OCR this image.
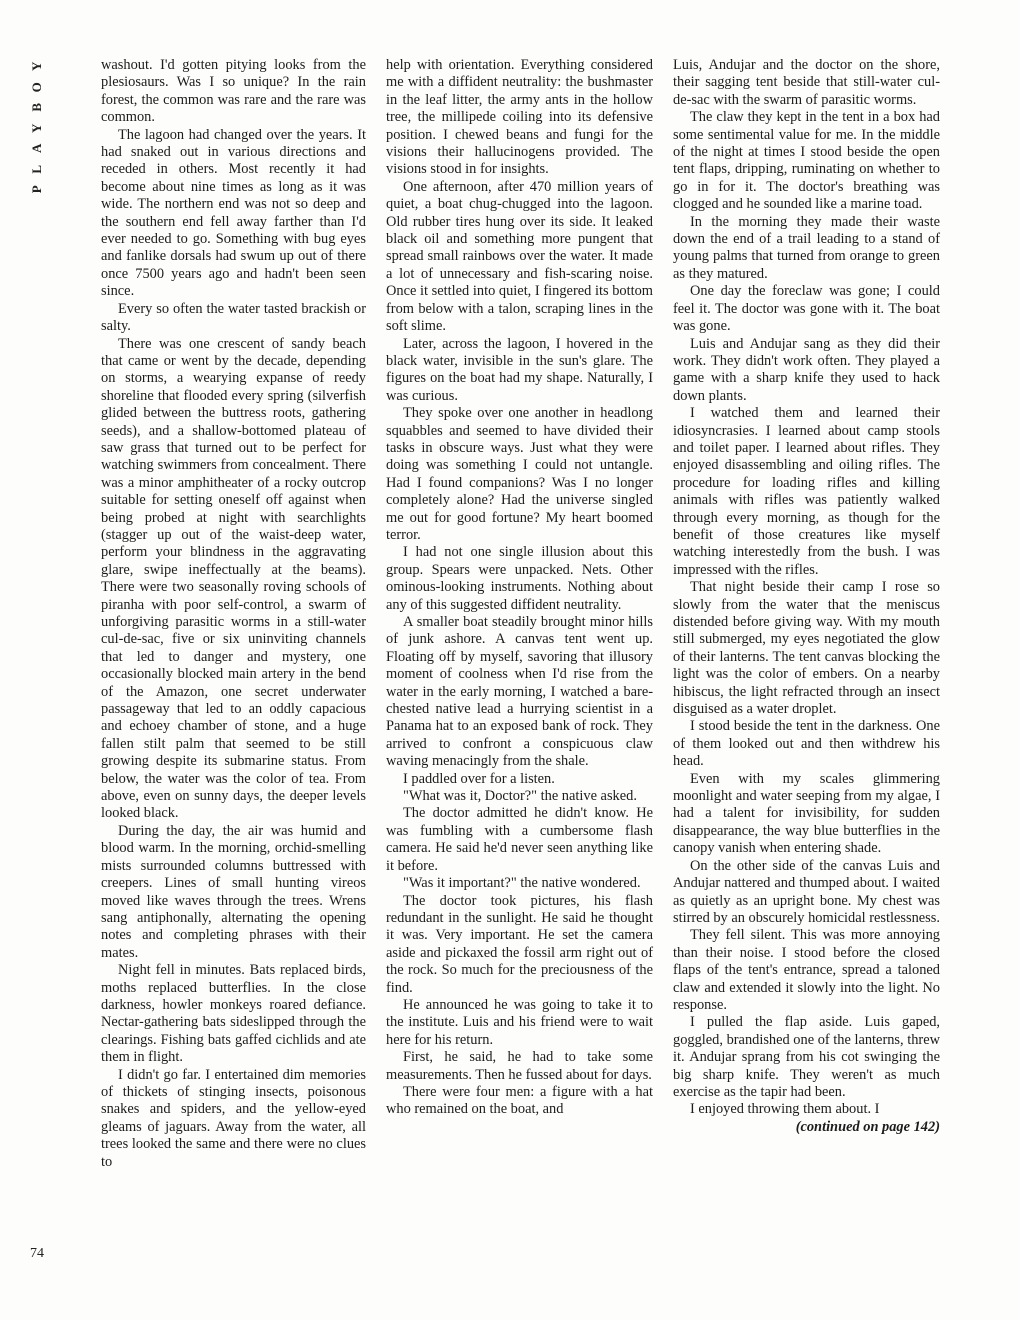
Y
O
B
Y
A
L
P
74

washout. I'd gotten pitying looks from the plesiosaurs. Was I so unique? In the rain forest, the common was rare and the rare was common.

The lagoon had changed over the years. It had snaked out in various directions and receded in others. Most recently it had become about nine times as long as it was wide. The northern end was not so deep and the southern end fell away farther than I'd ever needed to go. Something with bug eyes and fanlike dorsals had swum up out of there once 7500 years ago and hadn't been seen since.

Every so often the water tasted brackish or salty.

There was one crescent of sandy beach that came or went by the decade, depending on storms, a wearying expanse of reedy shoreline that flooded every spring (silverfish glided between the buttress roots, gathering seeds), and a shallow-bottomed plateau of saw grass that turned out to be perfect for watching swimmers from concealment. There was a minor amphitheater of a rocky outcrop suitable for setting oneself off against when being probed at night with searchlights (stagger up out of the waist-deep water, perform your blindness in the aggravating glare, swipe ineffectually at the beams). There were two seasonally roving schools of piranha with poor self-control, a swarm of unforgiving parasitic worms in a still-water cul-de-sac, five or six uninviting channels that led to danger and mystery, one occasionally blocked main artery in the bend of the Amazon, one secret underwater passageway that led to an oddly capacious and echoey chamber of stone, and a huge fallen stilt palm that seemed to be still growing despite its submarine status. From below, the water was the color of tea. From above, even on sunny days, the deeper levels looked black.

During the day, the air was humid and blood warm. In the morning, orchid-smelling mists surrounded columns buttressed with creepers. Lines of small hunting vireos moved like waves through the trees. Wrens sang antiphonally, alternating the opening notes and completing phrases with their mates.

Night fell in minutes. Bats replaced birds, moths replaced butterflies. In the close darkness, howler monkeys roared defiance. Nectar-gathering bats sideslipped through the clearings. Fishing bats gaffed cichlids and ate them in flight.

I didn't go far. I entertained dim memories of thickets of stinging insects, poisonous snakes and spiders, and the yellow-eyed gleams of jaguars. Away from the water, all trees looked the same and there were no clues to

help with orientation. Everything considered me with a diffident neutrality: the bushmaster in the leaf litter, the army ants in the hollow tree, the millipede coiling into its defensive position. I chewed beans and fungi for the visions their hallucinogens provided. The visions stood in for insights.

One afternoon, after 470 million years of quiet, a boat chug-chugged into the lagoon. Old rubber tires hung over its side. It leaked black oil and something more pungent that spread small rainbows over the water. It made a lot of unnecessary and fish-scaring noise. Once it settled into quiet, I fingered its bottom from below with a talon, scraping lines in the soft slime.

Later, across the lagoon, I hovered in the black water, invisible in the sun's glare. The figures on the boat had my shape. Naturally, I was curious.

They spoke over one another in headlong squabbles and seemed to have divided their tasks in obscure ways. Just what they were doing was something I could not untangle. Had I found companions? Was I no longer completely alone? Had the universe singled me out for good fortune? My heart boomed terror.

I had not one single illusion about this group. Spears were unpacked. Nets. Other ominous-looking instruments. Nothing about any of this suggested diffident neutrality.

A smaller boat steadily brought minor hills of junk ashore. A canvas tent went up. Floating off by myself, savoring that illusory moment of coolness when I'd rise from the water in the early morning, I watched a bare-chested native lead a hurrying scientist in a Panama hat to an exposed bank of rock. They arrived to confront a conspicuous claw waving menacingly from the shale.

I paddled over for a listen.

"What was it, Doctor?" the native asked.

The doctor admitted he didn't know. He was fumbling with a cumbersome flash camera. He said he'd never seen anything like it before.

"Was it important?" the native wondered.

The doctor took pictures, his flash redundant in the sunlight. He said he thought it was. Very important. He set the camera aside and pickaxed the fossil arm right out of the rock. So much for the preciousness of the find.

He announced he was going to take it to the institute. Luis and his friend were to wait here for his return.

First, he said, he had to take some measurements. Then he fussed about for days.

There were four men: a figure with a hat who remained on the boat, and

Luis, Andujar and the doctor on the shore, their sagging tent beside that still-water cul-de-sac with the swarm of parasitic worms.

The claw they kept in the tent in a box had some sentimental value for me. In the middle of the night at times I stood beside the open tent flaps, dripping, ruminating on whether to go in for it. The doctor's breathing was clogged and he sounded like a marine toad.

In the morning they made their waste down the end of a trail leading to a stand of young palms that turned from orange to green as they matured.

One day the foreclaw was gone; I could feel it. The doctor was gone with it. The boat was gone.

Luis and Andujar sang as they did their work. They didn't work often. They played a game with a sharp knife they used to hack down plants.

I watched them and learned their idiosyncrasies. I learned about camp stools and toilet paper. I learned about rifles. They enjoyed disassembling and oiling rifles. The procedure for loading rifles and killing animals with rifles was patiently walked through every morning, as though for the benefit of those creatures like myself watching interestedly from the bush. I was impressed with the rifles.

That night beside their camp I rose so slowly from the water that the meniscus distended before giving way. With my mouth still submerged, my eyes negotiated the glow of their lanterns. The tent canvas blocking the light was the color of embers. On a nearby hibiscus, the light refracted through an insect disguised as a water droplet.

I stood beside the tent in the darkness. One of them looked out and then withdrew his head.

Even with my scales glimmering moonlight and water seeping from my algae, I had a talent for invisibility, for sudden disappearance, the way blue butterflies in the canopy vanish when entering shade.

On the other side of the canvas Luis and Andujar nattered and thumped about. I waited as quietly as an upright bone. My chest was stirred by an obscurely homicidal restlessness.

They fell silent. This was more annoying than their noise. I stood before the closed flaps of the tent's entrance, spread a taloned claw and extended it slowly into the light. No response.

I pulled the flap aside. Luis gaped, goggled, brandished one of the lanterns, threw it. Andujar sprang from his cot swinging the big sharp knife. They weren't as much exercise as the tapir had been.

I enjoyed throwing them about. I

(continued on page 142)
